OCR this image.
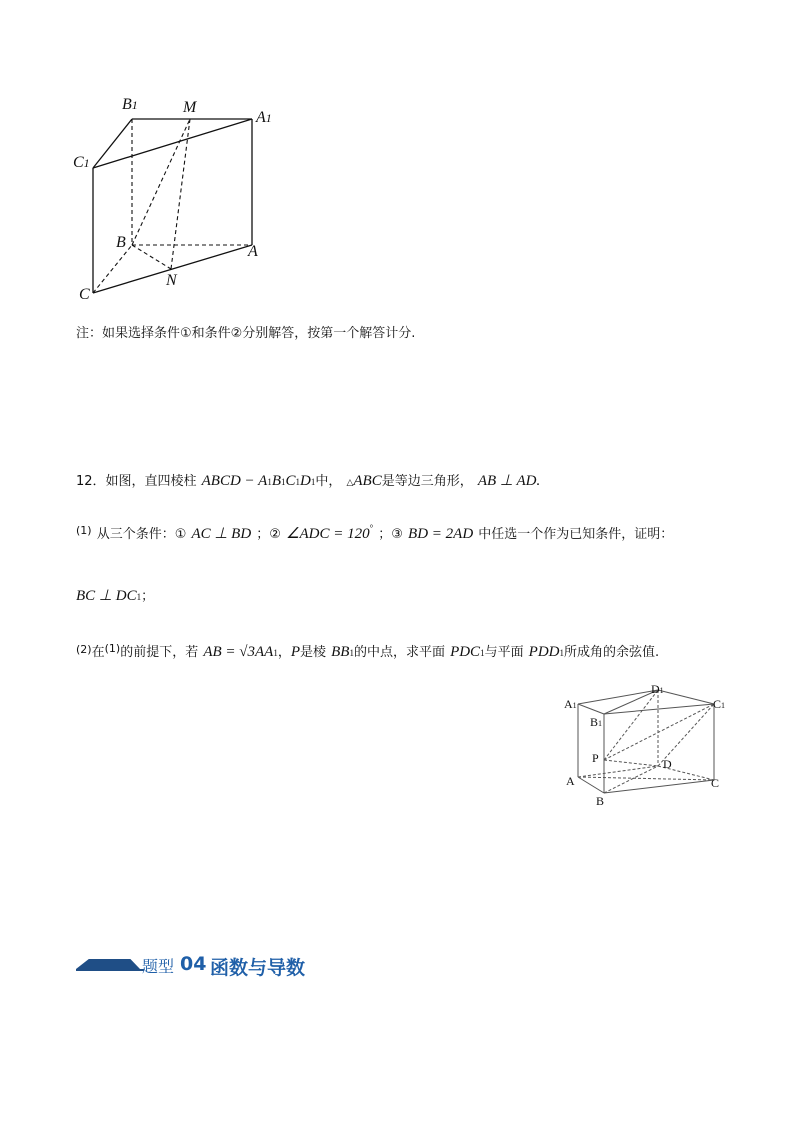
B1	M
A1
C1
B
A
N
C
注：如果选择条件①和条件②分别解答，按第一个解答计分.
12．如图，直四棱柱 ABCD − A1B1C1D1中， △ABC是等边三角形， AB ⊥ AD.
$^{(1)}$ 从三个条件：① AC ⊥ BD ；② ∠ADC = 120° ；③ BD = 2AD 中任选一个作为已知条件，证明：
BC ⊥ DC1；
(2)在$^{(1)}$的前提下，若 AB = √3AA1，P是棱 BB1的中点，求平面 PDC1与平面 PDD1所成角的余弦值.
A1
D1
C1
B1
P	D
A	C
B
题型 04 函数与导数
